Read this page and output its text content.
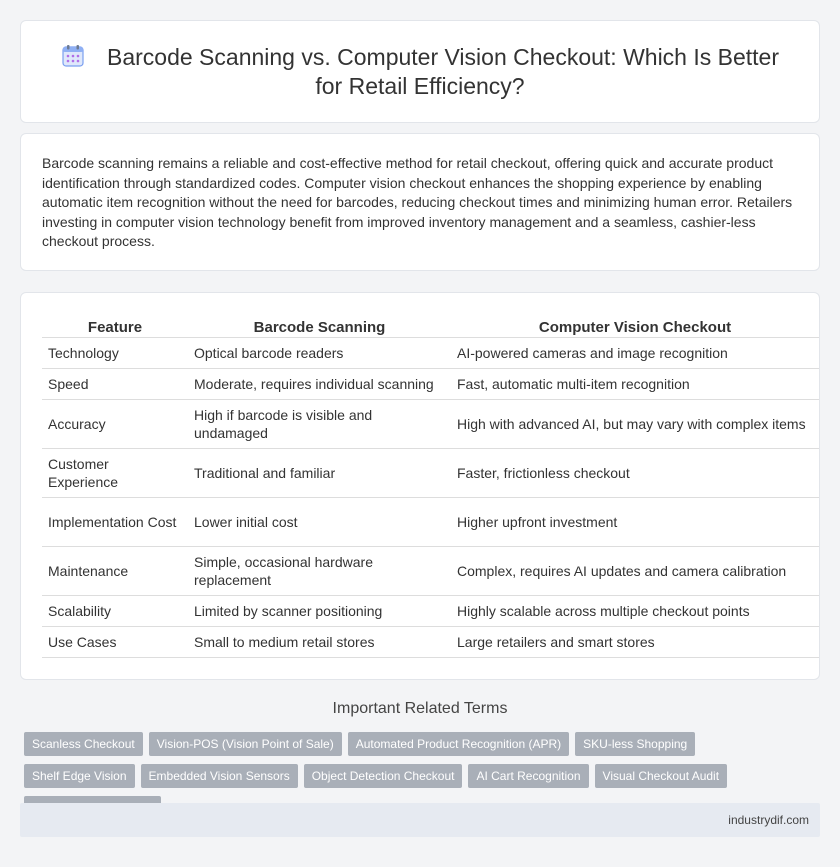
Barcode Scanning vs. Computer Vision Checkout: Which Is Better for Retail Efficiency?

Barcode scanning remains a reliable and cost-effective method for retail checkout, offering quick and accurate product identification through standardized codes. Computer vision checkout enhances the shopping experience by enabling automatic item recognition without the need for barcodes, reducing checkout times and minimizing human error. Retailers investing in computer vision technology benefit from improved inventory management and a seamless, cashier-less checkout process.

Feature	Barcode Scanning	Computer Vision Checkout
Technology	Optical barcode readers	AI-powered cameras and image recognition
Speed	Moderate, requires individual scanning	Fast, automatic multi-item recognition
Accuracy	High if barcode is visible and undamaged	High with advanced AI, but may vary with complex items
Customer Experience	Traditional and familiar	Faster, frictionless checkout
Implementation Cost	Lower initial cost	Higher upfront investment
Maintenance	Simple, occasional hardware replacement	Complex, requires AI updates and camera calibration
Scalability	Limited by scanner positioning	Highly scalable across multiple checkout points
Use Cases	Small to medium retail stores	Large retailers and smart stores
Important Related Terms
Scanless Checkout Vision-POS (Vision Point of Sale) Automated Product Recognition (APR) SKU-less ShoppingShelf Edge Vision Embedded Vision Sensors Object Detection Checkout AI Cart Recognition Visual Checkout Audit
industrydif.com
